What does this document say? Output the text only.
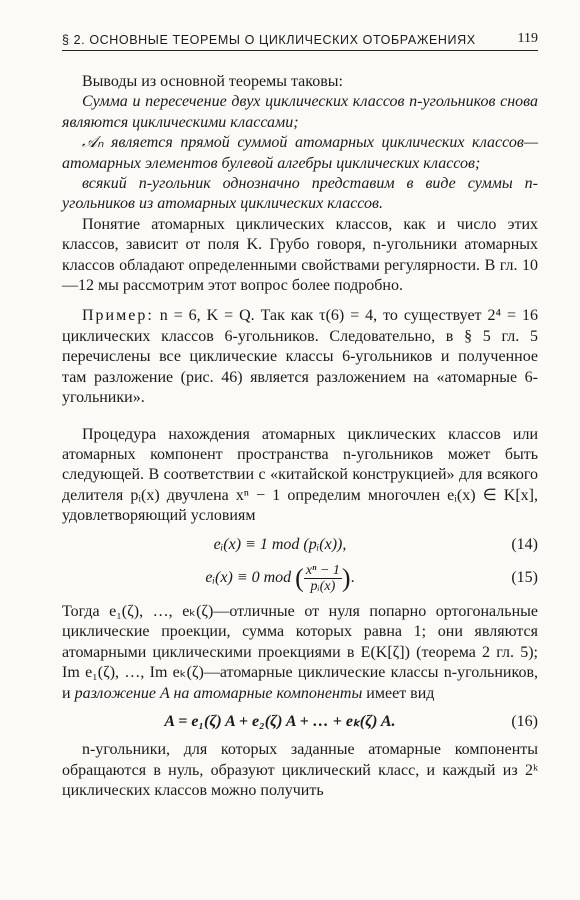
§ 2. ОСНОВНЫЕ ТЕОРЕМЫ О ЦИКЛИЧЕСКИХ ОТОБРАЖЕНИЯХ	119

Выводы из основной теоремы таковы:

Сумма и пересечение двух циклических классов n-угольников снова являются циклическими классами;

𝒜ₙ является прямой суммой атомарных циклических классов—атомарных элементов булевой алгебры циклических классов;

всякий n-угольник однозначно представим в виде суммы n-угольников из атомарных циклических классов.

Понятие атомарных циклических классов, как и число этих классов, зависит от поля K. Грубо говоря, n-угольники атомарных классов обладают определенными свойствами регулярности. В гл. 10—12 мы рассмотрим этот вопрос более подробно.

Пример: n = 6, K = Q. Так как τ(6) = 4, то существует 2⁴ = 16 циклических классов 6-угольников. Следовательно, в § 5 гл. 5 перечислены все циклические классы 6-угольников и полученное там разложение (рис. 46) является разложением на «атомарные 6-угольники».

Процедура нахождения атомарных циклических классов или атомарных компонент пространства n-угольников может быть следующей. В соответствии с «китайской конструкцией» для всякого делителя pᵢ(x) двучлена xⁿ − 1 определим многочлен eᵢ(x) ∈ K[x], удовлетворяющий условиям

eᵢ(x) ≡ 1 mod (pᵢ(x)),	(14)
eᵢ(x) ≡ 0 mod ( $\frac{\text{xⁿ − 1}}{\text{pᵢ(x)}}$ ).	(15)

Тогда e₁(ζ), …, eₖ(ζ)—отличные от нуля попарно ортогональные циклические проекции, сумма которых равна 1; они являются атомарными циклическими проекциями в E(K[ζ]) (теорема 2 гл. 5); Im e₁(ζ), …, Im eₖ(ζ)—атомарные циклические классы n-угольников, и разложение A на атомарные компоненты имеет вид

A = e₁(ζ) A + e₂(ζ) A + … + eₖ(ζ) A.	(16)

n-угольники, для которых заданные атомарные компоненты обращаются в нуль, образуют циклический класс, и каждый из 2ᵏ циклических классов можно получить
